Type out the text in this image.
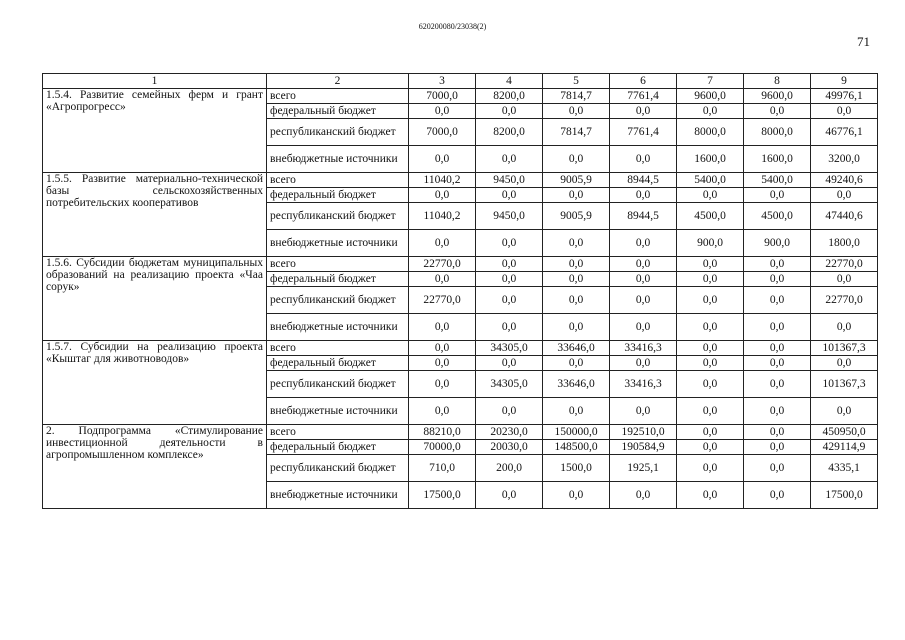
620200080/23038(2)
71
1	2	3	4	5	6	7	8	9
1.5.4. Развитие семейных ферм и грант «Агропрогресс»	всего	7000,0	8200,0	7814,7	7761,4	9600,0	9600,0	49976,1
	федеральный бюджет	0,0	0,0	0,0	0,0	0,0	0,0	0,0
	республиканский бюджет	7000,0	8200,0	7814,7	7761,4	8000,0	8000,0	46776,1
	внебюджетные источники	0,0	0,0	0,0	0,0	1600,0	1600,0	3200,0
1.5.5. Развитие материально-технической базы сельскохозяйственных потребительских кооперативов	всего	11040,2	9450,0	9005,9	8944,5	5400,0	5400,0	49240,6
	федеральный бюджет	0,0	0,0	0,0	0,0	0,0	0,0	0,0
	республиканский бюджет	11040,2	9450,0	9005,9	8944,5	4500,0	4500,0	47440,6
	внебюджетные источники	0,0	0,0	0,0	0,0	900,0	900,0	1800,0
1.5.6. Субсидии бюджетам муниципальных образований на реализацию проекта «Чаа сорук»	всего	22770,0	0,0	0,0	0,0	0,0	0,0	22770,0
	федеральный бюджет	0,0	0,0	0,0	0,0	0,0	0,0	0,0
	республиканский бюджет	22770,0	0,0	0,0	0,0	0,0	0,0	22770,0
	внебюджетные источники	0,0	0,0	0,0	0,0	0,0	0,0	0,0
1.5.7. Субсидии на реализацию проекта «Кыштаг для животноводов»	всего	0,0	34305,0	33646,0	33416,3	0,0	0,0	101367,3
	федеральный бюджет	0,0	0,0	0,0	0,0	0,0	0,0	0,0
	республиканский бюджет	0,0	34305,0	33646,0	33416,3	0,0	0,0	101367,3
	внебюджетные источники	0,0	0,0	0,0	0,0	0,0	0,0	0,0
2. Подпрограмма «Стимулирование инвестиционной деятельности в агропромышленном комплексе»	всего	88210,0	20230,0	150000,0	192510,0	0,0	0,0	450950,0
	федеральный бюджет	70000,0	20030,0	148500,0	190584,9	0,0	0,0	429114,9
	республиканский бюджет	710,0	200,0	1500,0	1925,1	0,0	0,0	4335,1
	внебюджетные источники	17500,0	0,0	0,0	0,0	0,0	0,0	17500,0
